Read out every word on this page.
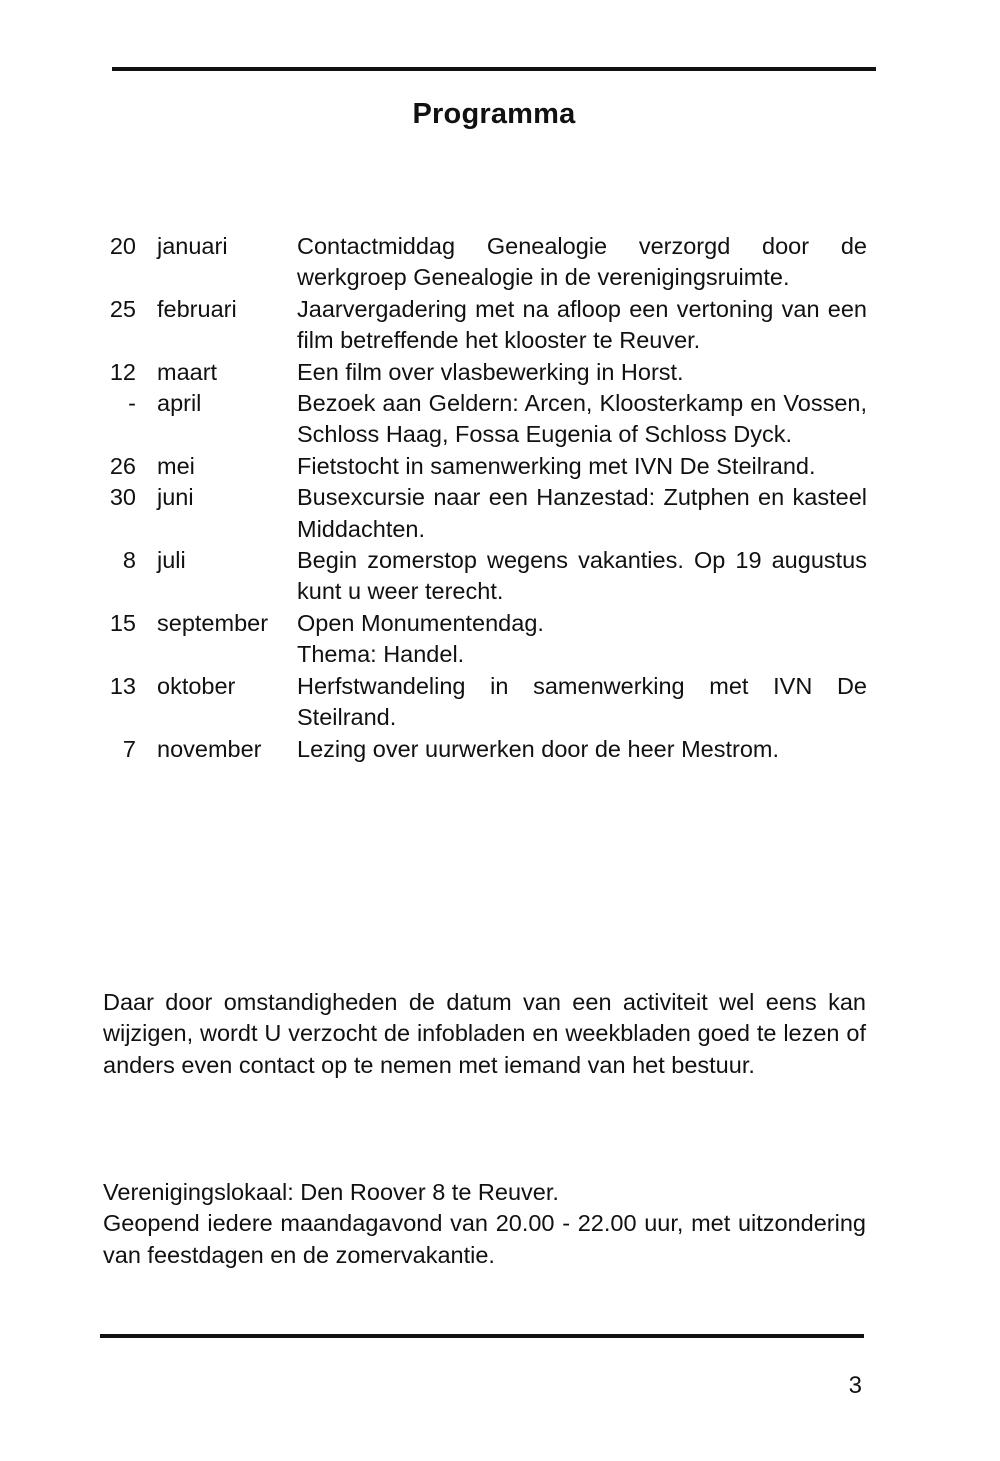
Programma
20 januari	Contactmiddag Genealogie verzorgd door de werkgroep Genealogie in de verenigingsruimte.
25 februari	Jaarvergadering met na afloop een vertoning van een film betreffende het klooster te Reuver.
12 maart	Een film over vlasbewerking in Horst.
- april	Bezoek aan Geldern: Arcen, Kloosterkamp en Vossen, Schloss Haag, Fossa Eugenia of Schloss Dyck.
26 mei	Fietstocht in samenwerking met IVN De Steilrand.
30 juni	Busexcursie naar een Hanzestad: Zutphen en kasteel Middachten.
8 juli	Begin zomerstop wegens vakanties. Op 19 augustus kunt u weer terecht.
15 september	Open Monumentendag.
Thema: Handel.
13 oktober	Herfstwandeling in samenwerking met IVN De Steilrand.
7 november	Lezing over uurwerken door de heer Mestrom.

Daar door omstandigheden de datum van een activiteit wel eens kan wijzigen, wordt U verzocht de infobladen en weekbladen goed te lezen of anders even contact op te nemen met iemand van het bestuur.

Verenigingslokaal: Den Roover 8 te Reuver.

Geopend iedere maandagavond van 20.00 - 22.00 uur, met uitzondering van feestdagen en de zomervakantie.

3
